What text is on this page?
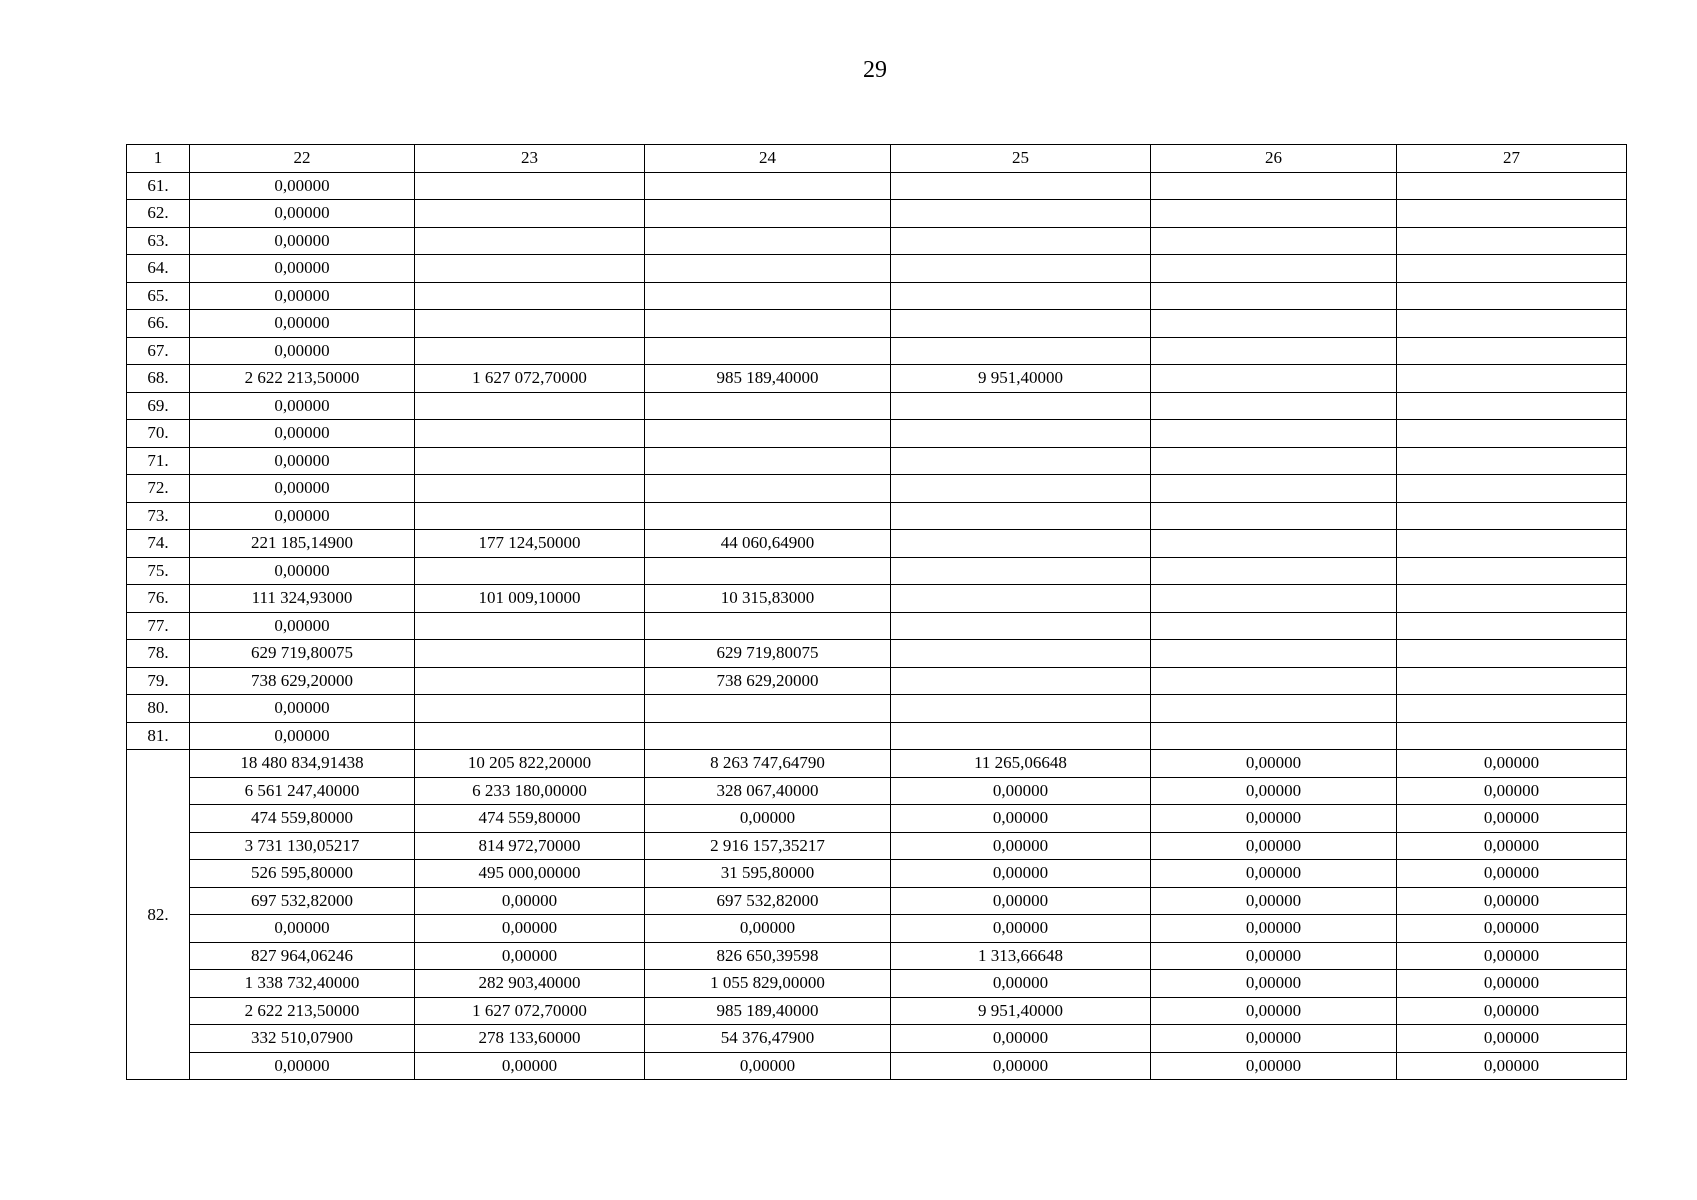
29
1	22	23	24	25	26	27
61.	0,00000					
62.	0,00000					
63.	0,00000					
64.	0,00000					
65.	0,00000					
66.	0,00000					
67.	0,00000					
68.	2 622 213,50000	1 627 072,70000	985 189,40000	9 951,40000		
69.	0,00000					
70.	0,00000					
71.	0,00000					
72.	0,00000					
73.	0,00000					
74.	221 185,14900	177 124,50000	44 060,64900			
75.	0,00000					
76.	111 324,93000	101 009,10000	10 315,83000			
77.	0,00000					
78.	629 719,80075		629 719,80075			
79.	738 629,20000		738 629,20000			
80.	0,00000					
81.	0,00000					
82.	18 480 834,91438	10 205 822,20000	8 263 747,64790	11 265,06648	0,00000	0,00000
	6 561 247,40000	6 233 180,00000	328 067,40000	0,00000	0,00000	0,00000
	474 559,80000	474 559,80000	0,00000	0,00000	0,00000	0,00000
	3 731 130,05217	814 972,70000	2 916 157,35217	0,00000	0,00000	0,00000
	526 595,80000	495 000,00000	31 595,80000	0,00000	0,00000	0,00000
	697 532,82000	0,00000	697 532,82000	0,00000	0,00000	0,00000
	0,00000	0,00000	0,00000	0,00000	0,00000	0,00000
	827 964,06246	0,00000	826 650,39598	1 313,66648	0,00000	0,00000
	1 338 732,40000	282 903,40000	1 055 829,00000	0,00000	0,00000	0,00000
	2 622 213,50000	1 627 072,70000	985 189,40000	9 951,40000	0,00000	0,00000
	332 510,07900	278 133,60000	54 376,47900	0,00000	0,00000	0,00000
	0,00000	0,00000	0,00000	0,00000	0,00000	0,00000
